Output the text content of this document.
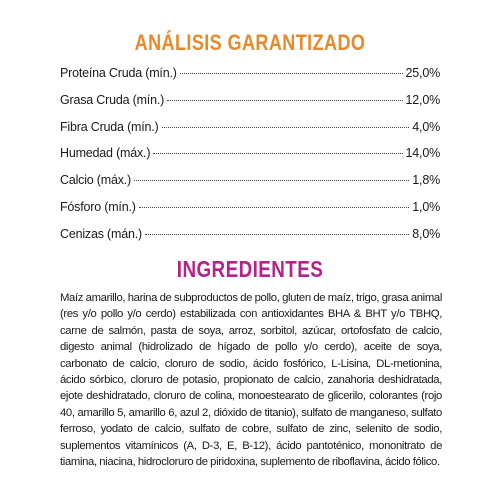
ANÁLISIS GARANTIZADO
Proteína Cruda (mín.)	25,0%
Grasa Cruda (mín.)	12,0%
Fibra Cruda (mín.)	4,0%
Humedad (máx.)	14,0%
Calcio (máx.)	1,8%
Fósforo (mín.)	1,0%
Cenizas (mán.)	8,0%
INGREDIENTES

Maíz amarillo, harina de subproductos de pollo, gluten de maíz, trigo, grasa animal (res y/o pollo y/o cerdo) estabilizada con antioxidantes BHA & BHT y/o TBHQ, carne de salmón, pasta de soya, arroz, sorbitol, azúcar, ortofosfato de calcio, digesto animal (hidrolizado de hígado de pollo y/o cerdo), aceite de soya, carbonato de calcio, cloruro de sodio, ácido fosfórico, L-Lisina, DL-metionina, ácido sórbico, cloruro de potasio, propionato de calcio, zanahoria deshidratada, ejote deshidratado, cloruro de colina, monoestearato de glicerilo, colorantes (rojo 40, amarillo 5, amarillo 6, azul 2, dióxido de titanio), sulfato de manganeso, sulfato ferroso, yodato de calcio, sulfato de cobre, sulfato de zinc, selenito de sodio, suplementos vitamínicos (A, D-3, E, B-12), ácido pantoténico, mononitrato de tiamina, niacina, hidrocloruro de piridoxina, suplemento de riboflavina, ácido fólico.
